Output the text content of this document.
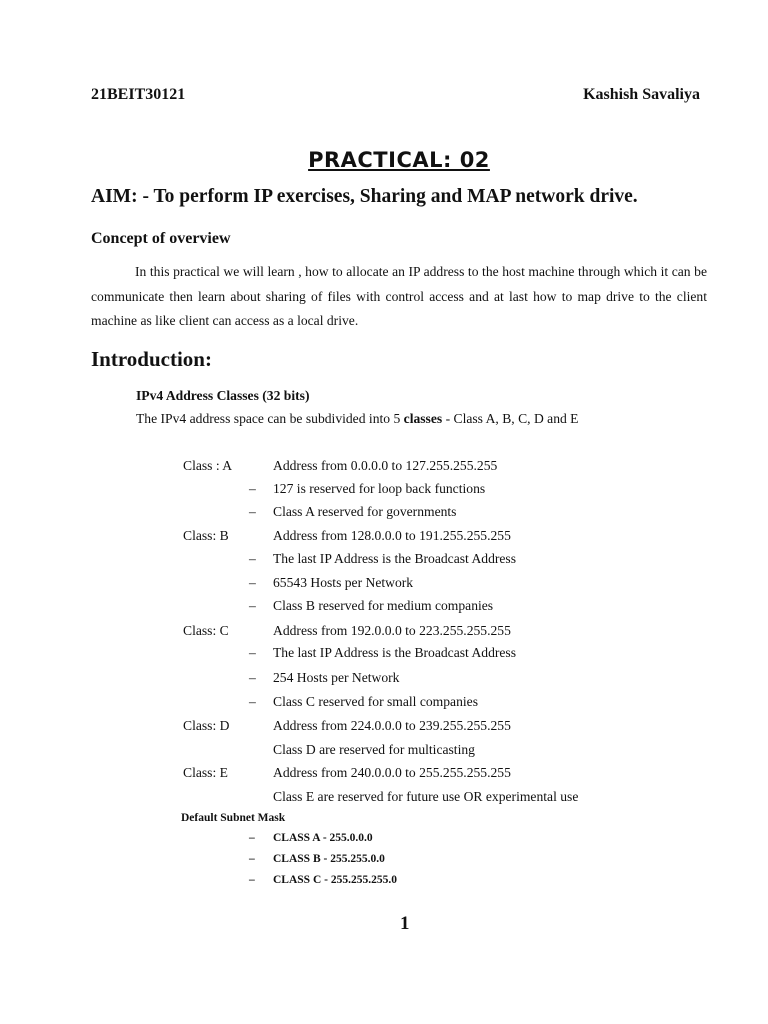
21BEIT30121	Kashish Savaliya
PRACTICAL: 02
AIM: - To perform IP exercises, Sharing and MAP network drive.
Concept of overview

In this practical we will learn , how to allocate an IP address to the host machine through which it can be communicate then learn about sharing of files with control access and at last how to map drive to the client machine as like client can access as a local drive.

Introduction:
IPv4 Address Classes (32 bits)
The IPv4 address space can be subdivided into 5 classes - Class A, B, C, D and E
Class : A	Address from 0.0.0.0 to 127.255.255.255
– 127 is reserved for loop back functions
– Class A reserved for governments
Class: B	Address from 128.0.0.0 to 191.255.255.255
– The last IP Address is the Broadcast Address
– 65543 Hosts per Network
– Class B reserved for medium companies
Class: C	Address from 192.0.0.0 to 223.255.255.255
– The last IP Address is the Broadcast Address
– 254 Hosts per Network
– Class C reserved for small companies
Class: D	Address from 224.0.0.0 to 239.255.255.255
Class D are reserved for multicasting
Class: E	Address from 240.0.0.0 to 255.255.255.255
Class E are reserved for future use OR experimental use
Default Subnet Mask
– CLASS A - 255.0.0.0
– CLASS B - 255.255.0.0
– CLASS C - 255.255.255.0
1
